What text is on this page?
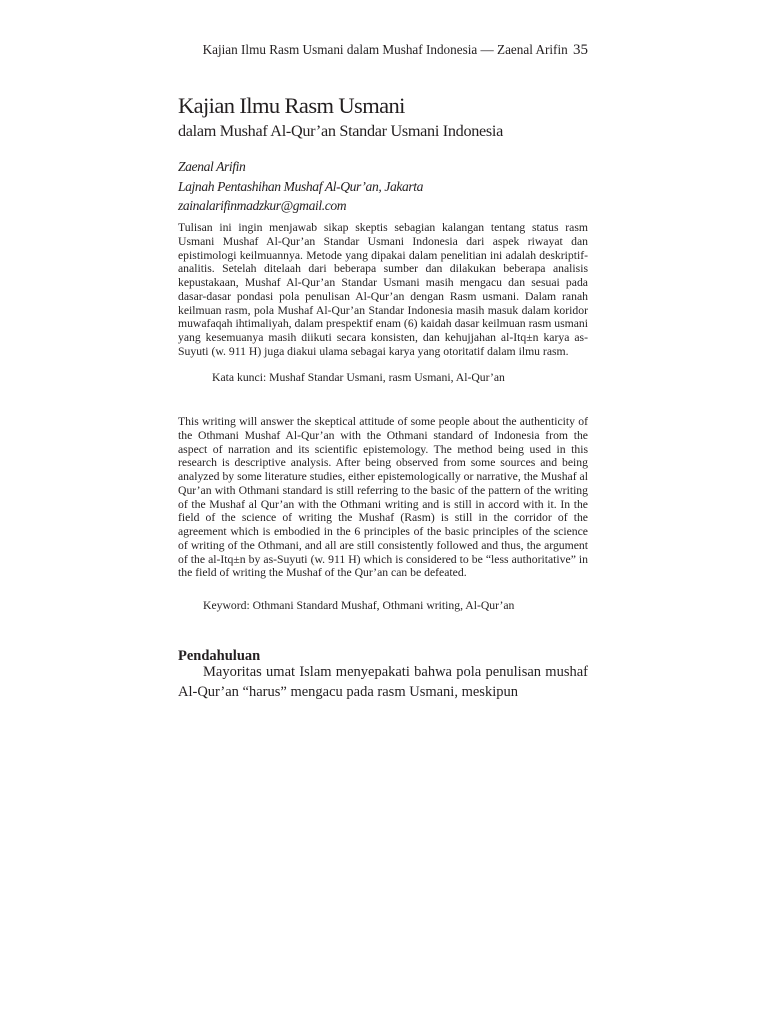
Kajian Ilmu Rasm Usmani dalam Mushaf Indonesia — Zaenal Arifin 35
Kajian Ilmu Rasm Usmani
dalam Mushaf Al-Qur’an Standar Usmani Indonesia
Zaenal Arifin
Lajnah Pentashihan Mushaf Al-Qur’an, Jakarta
zainalarifinmadzkur@gmail.com

Tulisan ini ingin menjawab sikap skeptis sebagian kalangan tentang status rasm Usmani Mushaf Al-Qur’an Standar Usmani Indonesia dari aspek riwayat dan epistimologi keilmuannya. Metode yang dipakai dalam penelitian ini adalah deskriptif-analitis. Setelah ditelaah dari beberapa sumber dan dilakukan beberapa analisis kepustakaan, Mushaf Al-Qur’an Standar Usmani masih mengacu dan sesuai pada dasar-dasar pondasi pola penulisan Al-Qur’an dengan Rasm usmani. Dalam ranah keilmuan rasm, pola Mushaf Al-Qur’an Standar Indonesia masih masuk dalam koridor muwafaqah ihtimaliyah, dalam prespektif enam (6) kaidah dasar keilmuan rasm usmani yang kesemuanya masih diikuti secara konsisten, dan kehujjahan al-Itq±n karya as-Suyuti (w. 911 H) juga diakui ulama sebagai karya yang otoritatif dalam ilmu rasm.

Kata kunci: Mushaf Standar Usmani, rasm Usmani, Al-Qur’an

This writing will answer the skeptical attitude of some people about the authenticity of the Othmani Mushaf Al-Qur’an with the Othmani standard of Indonesia from the aspect of narration and its scientific epistemology. The method being used in this research is descriptive analysis. After being observed from some sources and being analyzed by some literature studies, either epistemologically or narrative, the Mushaf al Qur’an with Othmani standard is still referring to the basic of the pattern of the writing of the Mushaf al Qur’an with the Othmani writing and is still in accord with it. In the field of the science of writing the Mushaf (Rasm) is still in the corridor of the agreement which is embodied in the 6 principles of the basic principles of the science of writing of the Othmani, and all are still consistently followed and thus, the argument of the al-Itq±n by as-Suyuti (w. 911 H) which is considered to be “less authoritative” in the field of writing the Mushaf of the Qur’an can be defeated.

Keyword: Othmani Standard Mushaf, Othmani writing, Al-Qur’an
Pendahuluan

Mayoritas umat Islam menyepakati bahwa pola penulisan mushaf Al-Qur’an “harus” mengacu pada rasm Usmani, meskipun
